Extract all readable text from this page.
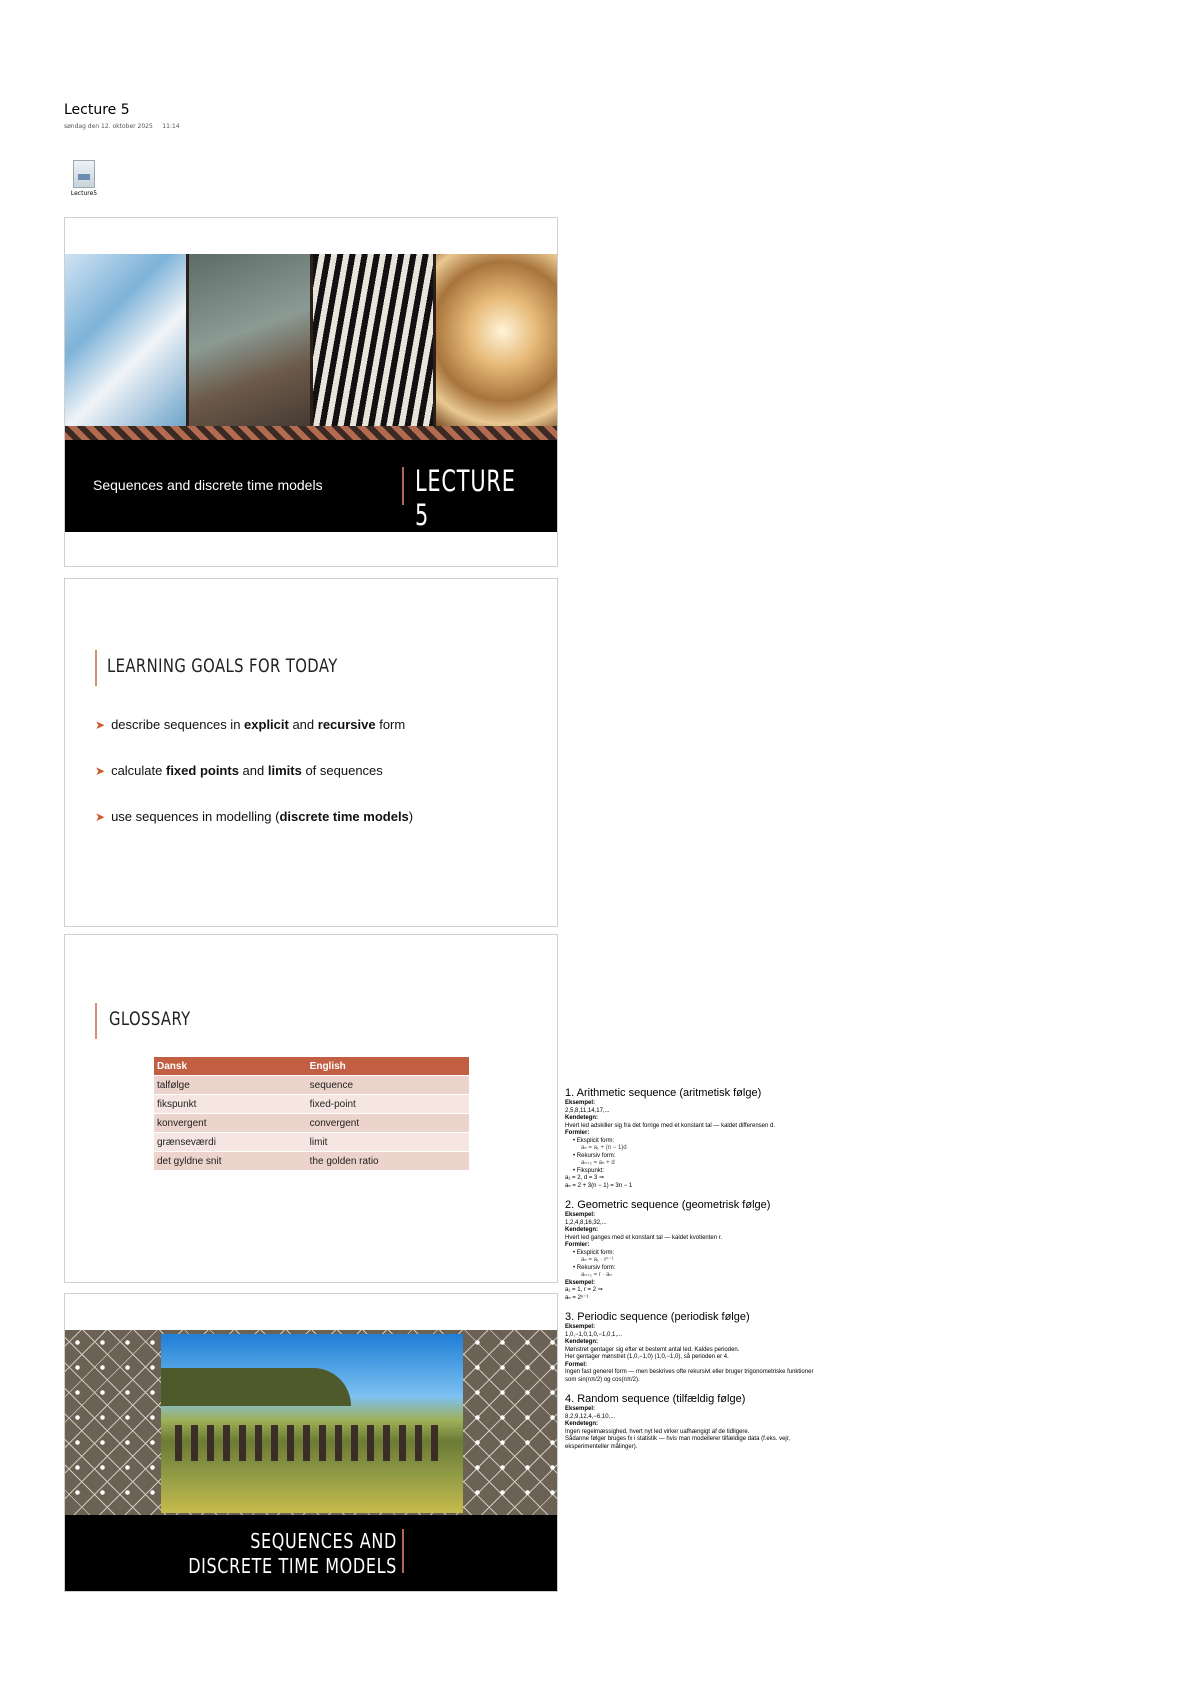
Lecture 5
søndag den 12. oktober 2025     11:14
Lecture5
Sequences and discrete time models	LECTURE 5
LEARNING GOALS FOR TODAY
➤ describe sequences in explicit and recursive form
➤ calculate fixed points and limits of sequences
➤ use sequences in modelling (discrete time models)
GLOSSARY
Dansk	English
talfølge	sequence
fikspunkt	fixed-point
konvergent	convergent
grænseværdi	limit
det gyldne snit	the golden ratio
SEQUENCES AND
DISCRETE TIME MODELS
1. Arithmetic sequence (aritmetisk følge)
Eksempel:
2,5,8,11,14,17,...
Kendetegn:
Hvert led adskiller sig fra det forrige med et konstant tal — kaldet differensen d.
Formler:
• Eksplicit form:
aₙ = a₁ + (n − 1)d
• Rekursiv form:
aₙ₊₁ = aₙ + d
• Fikspunkt:
a₁ = 2, d = 3 ⇒
aₙ = 2 + 3(n − 1) = 3n − 1
2. Geometric sequence (geometrisk følge)
Eksempel:
1,2,4,8,16,32,...
Kendetegn:
Hvert led ganges med et konstant tal — kaldet kvotienten r.
Formler:
• Eksplicit form:
aₙ = a₁ · rⁿ⁻¹
• Rekursiv form:
aₙ₊₁ = r · aₙ
Eksempel:
a₁ = 1, r = 2 ⇒
aₙ = 2ⁿ⁻¹
3. Periodic sequence (periodisk følge)
Eksempel:
1,0,−1,0,1,0,−1,0,1,...
Kendetegn:
Mønstret gentager sig efter et bestemt antal led. Kaldes perioden.
Her gentager mønstret (1,0,−1,0) (1,0,−1,0), så perioden er 4.
Formel:
Ingen fast generel form — men beskrives ofte rekursivt eller bruger trigonometriske funktioner
som sin(nπ/2) og cos(nπ/2).
4. Random sequence (tilfældig følge)
Eksempel:
8,2,9,12,4,−6,10,...
Kendetegn:
Ingen regelmæssighed, hvert nyt led virker uafhængigt af de tidligere.
Sådanne følger bruges fx i statistik — hvis man modellerer tilfældige data (f.eks. vejr,
eksperimenteller målinger).
